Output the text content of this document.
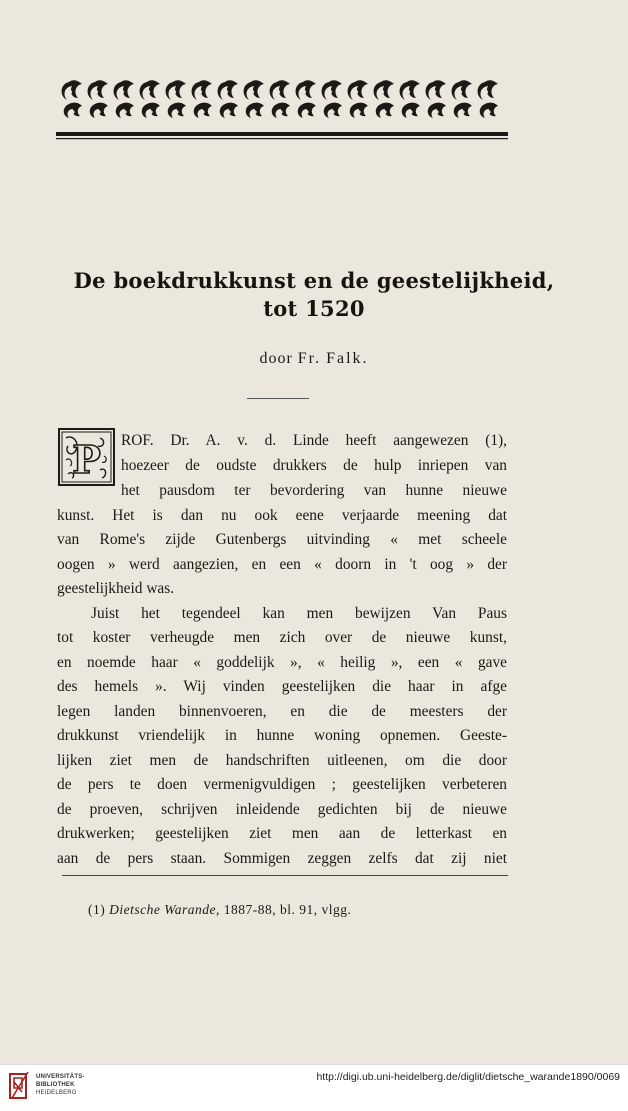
De boekdrukkunst en de geestelijkheid,
tot 1520
door Fr. Falk.
P ROF. Dr. A. v. d. Linde heeft aangewezen (1),
hoezeer de oudste drukkers de hulp inriepen van
het pausdom ter bevordering van hunne nieuwe
kunst. Het is dan nu ook eene verjaarde meening dat
van Rome's zijde Gutenbergs uitvinding « met scheele
oogen » werd aangezien, en een « doorn in 't oog » der
geestelijkheid was.
Juist het tegendeel kan men bewijzen Van Paus
tot koster verheugde men zich over de nieuwe kunst,
en noemde haar « goddelijk », « heilig », een « gave
des hemels ». Wij vinden geestelijken die haar in afge
legen landen binnenvoeren, en die de meesters der
drukkunst vriendelijk in hunne woning opnemen. Geeste-
lijken ziet men de handschriften uitleenen, om die door
de pers te doen vermenigvuldigen ; geestelijken verbeteren
de proeven, schrijven inleidende gedichten bij de nieuwe
drukwerken; geestelijken ziet men aan de letterkast en
aan de pers staan. Sommigen zeggen zelfs dat zij niet
(1) Dietsche Warande, 1887-88, bl. 91, vlgg.
UNIVERSITÄTS-
BIBLIOTHEK
HEIDELBERG
http://digi.ub.uni-heidelberg.de/diglit/dietsche_warande1890/0069
